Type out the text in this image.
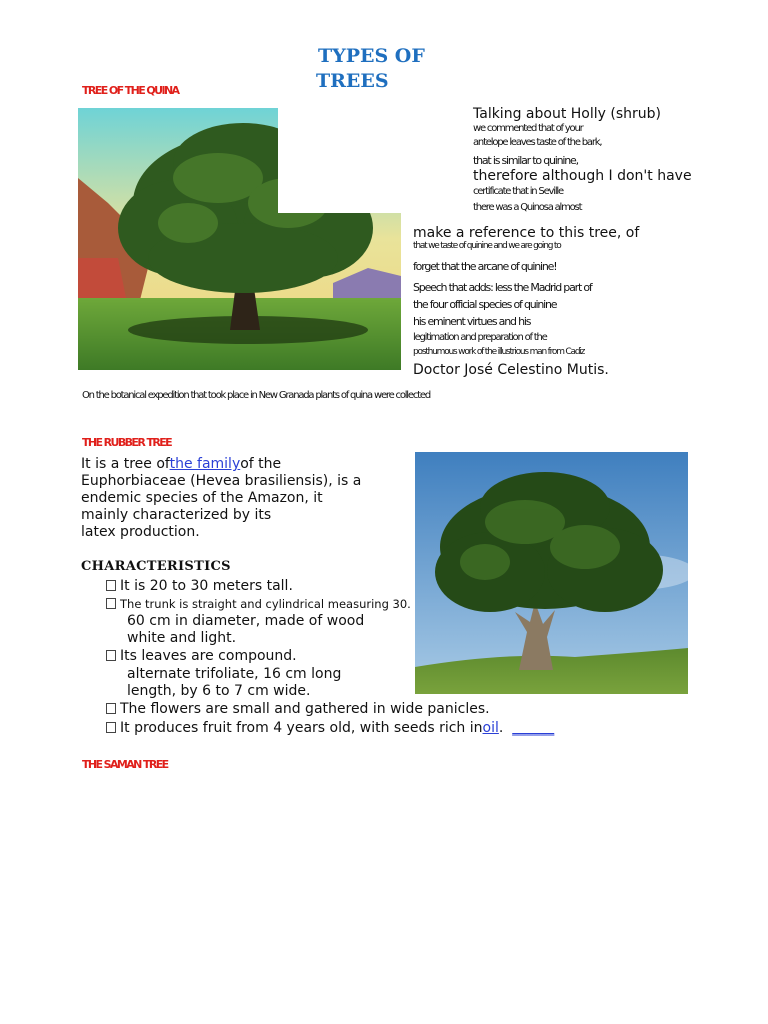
TYPES OF
TREES
TREE OF THE QUINA
Talking about Holly (shrub)
we commented that of your
antelope leaves taste of the bark,
that is similar to quinine,
therefore although I don't have
certificate that in Seville
there was a Quinosa almost
make a reference to this tree, of
that we taste of quinine and we are going to
forget that the arcane of quinine!
Speech that adds: less the Madrid part of
the four official species of quinine
his eminent virtues and his
legitimation and preparation of the
posthumous work of the illustrious man from Cadiz
Doctor José Celestino Mutis.
On the botanical expedition that took place in New Granada plants of quina were collected
THE RUBBER TREE
It is a tree ofthe familyof the
Euphorbiaceae (Hevea brasiliensis), is a
endemic species of the Amazon, it
mainly characterized by its
latex production.
CHARACTERISTICS
It is 20 to 30 meters tall.
The trunk is straight and cylindrical measuring 30.
60 cm in diameter, made of wood
white and light.
Its leaves are compound.
alternate trifoliate, 16 cm long
length, by 6 to 7 cm wide.
The flowers are small and gathered in wide panicles.
It produces fruit from 4 years old, with seeds rich inoil. ______
THE SAMAN TREE
